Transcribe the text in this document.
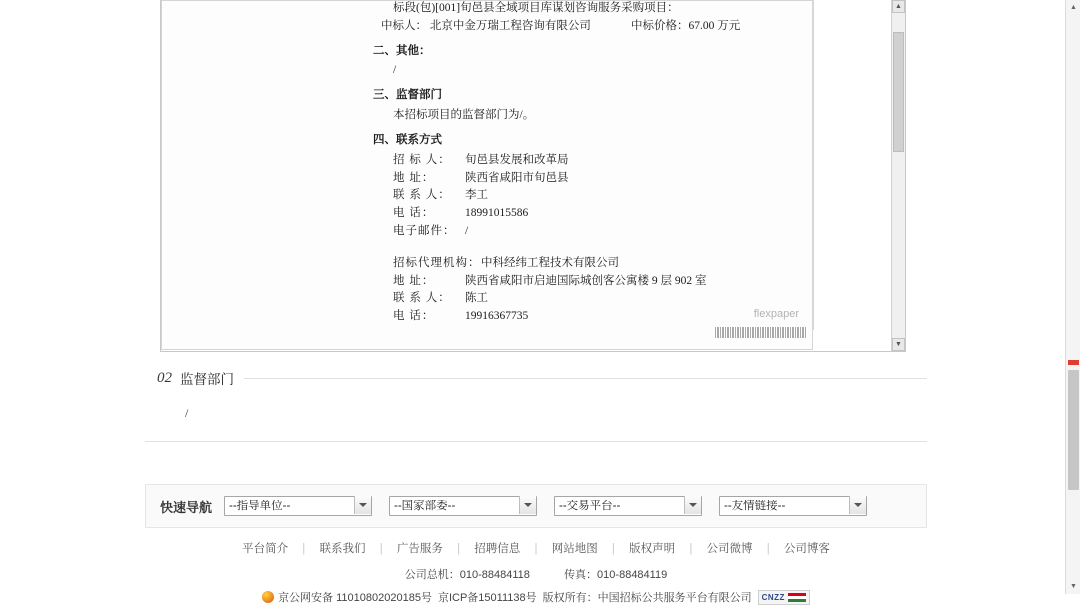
标段(包)[001]旬邑县全域项目库谋划咨询服务采购项目：
中标人： 北京中金万瑞工程咨询有限公司	中标价格：67.00 万元
二、其他：
/
三、监督部门
本招标项目的监督部门为/。
四、联系方式
招 标 人：	旬邑县发展和改革局
地 址：	陕西省咸阳市旬邑县
联 系 人：	李工
电 话：	18991015586
电子邮件： /
招标代理机构： 中科经纬工程技术有限公司
地 址：	陕西省咸阳市启迪国际城创客公寓楼 9 层 902 室
联 系 人：	陈工
电 话：	19916367735	flexpaper
▲
▼
02 监督部门
/
快速导航
--指导单位--
--国家部委--
--交易平台--
--友情链接--
平台简介 | 联系我们 | 广告服务 | 招聘信息 | 网站地图 | 版权声明 | 公司微博 | 公司博客
公司总机：010-88484118	传真：010-88484119
京公网安备 11010802020185号 京ICP备15011138号 版权所有：中国招标公共服务平台有限公司 CNZZ
▲
▼
